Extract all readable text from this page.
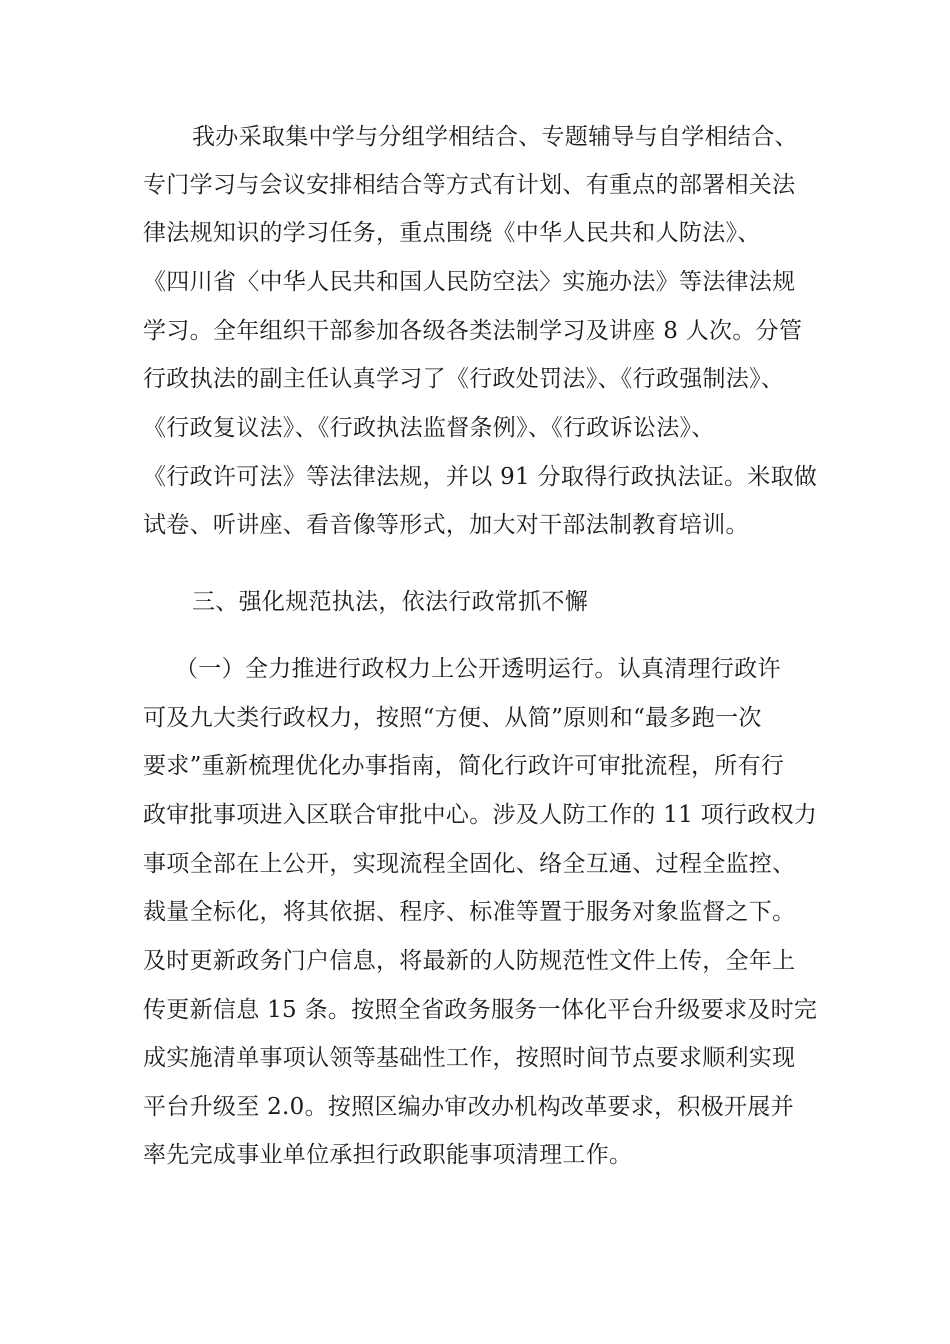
我办采取集中学与分组学相结合、专题辅导与自学相结合、
专门学习与会议安排相结合等方式有计划、有重点的部署相关法
律法规知识的学习任务，重点围绕《中华人民共和人防法》、
《四川省〈中华人民共和国人民防空法〉实施办法》等法律法规
学习。全年组织干部参加各级各类法制学习及讲座 8 人次。分管
行政执法的副主任认真学习了《行政处罚法》、《行政强制法》、
《行政复议法》、《行政执法监督条例》、《行政诉讼法》、
《行政许可法》等法律法规，并以 91 分取得行政执法证。米取做
试卷、听讲座、看音像等形式，加大对干部法制教育培训。
三、强化规范执法，依法行政常抓不懈
（一）全力推进行政权力上公开透明运行。认真清理行政许
可及九大类行政权力，按照“方便、从简”原则和“最多跑一次
要求”重新梳理优化办事指南，简化行政许可审批流程，所有行
政审批事项进入区联合审批中心。涉及人防工作的 11 项行政权力
事项全部在上公开，实现流程全固化、络全互通、过程全监控、
裁量全标化，将其依据、程序、标准等置于服务对象监督之下。
及时更新政务门户信息，将最新的人防规范性文件上传，全年上
传更新信息 15 条。按照全省政务服务一体化平台升级要求及时完
成实施清单事项认领等基础性工作，按照时间节点要求顺利实现
平台升级至 2.0。按照区编办审改办机构改革要求，积极开展并
率先完成事业单位承担行政职能事项清理工作。
